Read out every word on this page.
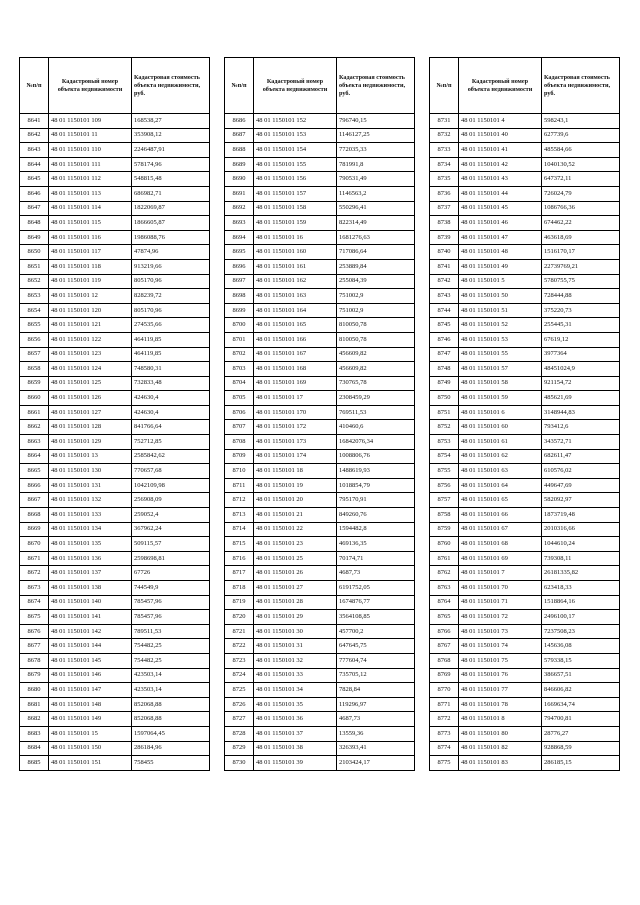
№п/п	Кадастровый номер объекта недвижимости	Кадастровая стоимость объекта недвижимости, руб.
8641	48 01 1150101 109	168538,27
8642	48 01 1150101 11	353908,12
8643	48 01 1150101 110	2246487,91
8644	48 01 1150101 111	578174,96
8645	48 01 1150101 112	548815,48
8646	48 01 1150101 113	686982,71
8647	48 01 1150101 114	1822069,87
8648	48 01 1150101 115	1866605,87
8649	48 01 1150101 116	1986088,76
8650	48 01 1150101 117	47874,96
8651	48 01 1150101 118	913219,66
8652	48 01 1150101 119	805170,96
8653	48 01 1150101 12	828239,72
8654	48 01 1150101 120	805170,96
8655	48 01 1150101 121	274535,66
8656	48 01 1150101 122	464119,85
8657	48 01 1150101 123	464119,85
8658	48 01 1150101 124	748580,31
8659	48 01 1150101 125	732833,48
8660	48 01 1150101 126	424630,4
8661	48 01 1150101 127	424630,4
8662	48 01 1150101 128	841766,64
8663	48 01 1150101 129	752712,85
8664	48 01 1150101 13	2585842,62
8665	48 01 1150101 130	770657,68
8666	48 01 1150101 131	1042109,98
8667	48 01 1150101 132	256908,09
8668	48 01 1150101 133	259052,4
8669	48 01 1150101 134	367962,24
8670	48 01 1150101 135	509115,57
8671	48 01 1150101 136	2598698,81
8672	48 01 1150101 137	67726
8673	48 01 1150101 138	744549,9
8674	48 01 1150101 140	785457,96
8675	48 01 1150101 141	785457,96
8676	48 01 1150101 142	789511,53
8677	48 01 1150101 144	754482,25
8678	48 01 1150101 145	754482,25
8679	48 01 1150101 146	423503,14
8680	48 01 1150101 147	423503,14
8681	48 01 1150101 148	852068,88
8682	48 01 1150101 149	852068,88
8683	48 01 1150101 15	1597064,45
8684	48 01 1150101 150	286184,96
8685	48 01 1150101 151	758455
№п/п	Кадастровый номер объекта недвижимости	Кадастровая стоимость объекта недвижимости, руб.
8686	48 01 1150101 152	796740,15
8687	48 01 1150101 153	1146127,25
8688	48 01 1150101 154	772035,33
8689	48 01 1150101 155	781991,8
8690	48 01 1150101 156	790531,49
8691	48 01 1150101 157	1146563,2
8692	48 01 1150101 158	550296,41
8693	48 01 1150101 159	822314,49
8694	48 01 1150101 16	1681276,63
8695	48 01 1150101 160	717086,64
8696	48 01 1150101 161	253889,84
8697	48 01 1150101 162	255084,39
8698	48 01 1150101 163	751002,9
8699	48 01 1150101 164	751002,9
8700	48 01 1150101 165	810050,78
8701	48 01 1150101 166	810050,78
8702	48 01 1150101 167	456609,82
8703	48 01 1150101 168	456609,82
8704	48 01 1150101 169	730765,78
8705	48 01 1150101 17	2308459,29
8706	48 01 1150101 170	769511,53
8707	48 01 1150101 172	410460,6
8708	48 01 1150101 173	16842076,34
8709	48 01 1150101 174	1008806,76
8710	48 01 1150101 18	1488619,93
8711	48 01 1150101 19	1018854,79
8712	48 01 1150101 20	795170,91
8713	48 01 1150101 21	849260,76
8714	48 01 1150101 22	1594482,8
8715	48 01 1150101 23	469136,35
8716	48 01 1150101 25	70174,71
8717	48 01 1150101 26	4687,73
8718	48 01 1150101 27	6191752,05
8719	48 01 1150101 28	1674876,77
8720	48 01 1150101 29	3564108,85
8721	48 01 1150101 30	457700,2
8722	48 01 1150101 31	647645,75
8723	48 01 1150101 32	777604,74
8724	48 01 1150101 33	735705,12
8725	48 01 1150101 34	7828,84
8726	48 01 1150101 35	119296,97
8727	48 01 1150101 36	4687,73
8728	48 01 1150101 37	13559,36
8729	48 01 1150101 38	326393,41
8730	48 01 1150101 39	2103424,17
№п/п	Кадастровый номер объекта недвижимости	Кадастровая стоимость объекта недвижимости, руб.
8731	48 01 1150101 4	598243,1
8732	48 01 1150101 40	627739,6
8733	48 01 1150101 41	485584,66
8734	48 01 1150101 42	1040130,52
8735	48 01 1150101 43	647372,11
8736	48 01 1150101 44	726024,79
8737	48 01 1150101 45	1086766,36
8738	48 01 1150101 46	674462,22
8739	48 01 1150101 47	463618,69
8740	48 01 1150101 48	1516170,17
8741	48 01 1150101 49	22739769,21
8742	48 01 1150101 5	5780755,75
8743	48 01 1150101 50	728444,88
8744	48 01 1150101 51	375220,73
8745	48 01 1150101 52	255445,31
8746	48 01 1150101 53	67619,12
8747	48 01 1150101 55	3977364
8748	48 01 1150101 57	48451024,9
8749	48 01 1150101 58	921154,72
8750	48 01 1150101 59	485621,69
8751	48 01 1150101 6	3148944,83
8752	48 01 1150101 60	793412,6
8753	48 01 1150101 61	343572,71
8754	48 01 1150101 62	682611,47
8755	48 01 1150101 63	610576,02
8756	48 01 1150101 64	449647,69
8757	48 01 1150101 65	582092,97
8758	48 01 1150101 66	1873719,48
8759	48 01 1150101 67	2010316,66
8760	48 01 1150101 68	1044610,24
8761	48 01 1150101 69	739308,11
8762	48 01 1150101 7	26181335,82
8763	48 01 1150101 70	623418,33
8764	48 01 1150101 71	1518864,16
8765	48 01 1150101 72	2496100,17
8766	48 01 1150101 73	7237508,23
8767	48 01 1150101 74	145636,08
8768	48 01 1150101 75	579338,15
8769	48 01 1150101 76	386657,51
8770	48 01 1150101 77	846606,82
8771	48 01 1150101 78	1669634,74
8772	48 01 1150101 8	794700,81
8773	48 01 1150101 80	28776,27
8774	48 01 1150101 82	928868,59
8775	48 01 1150101 83	286185,15
